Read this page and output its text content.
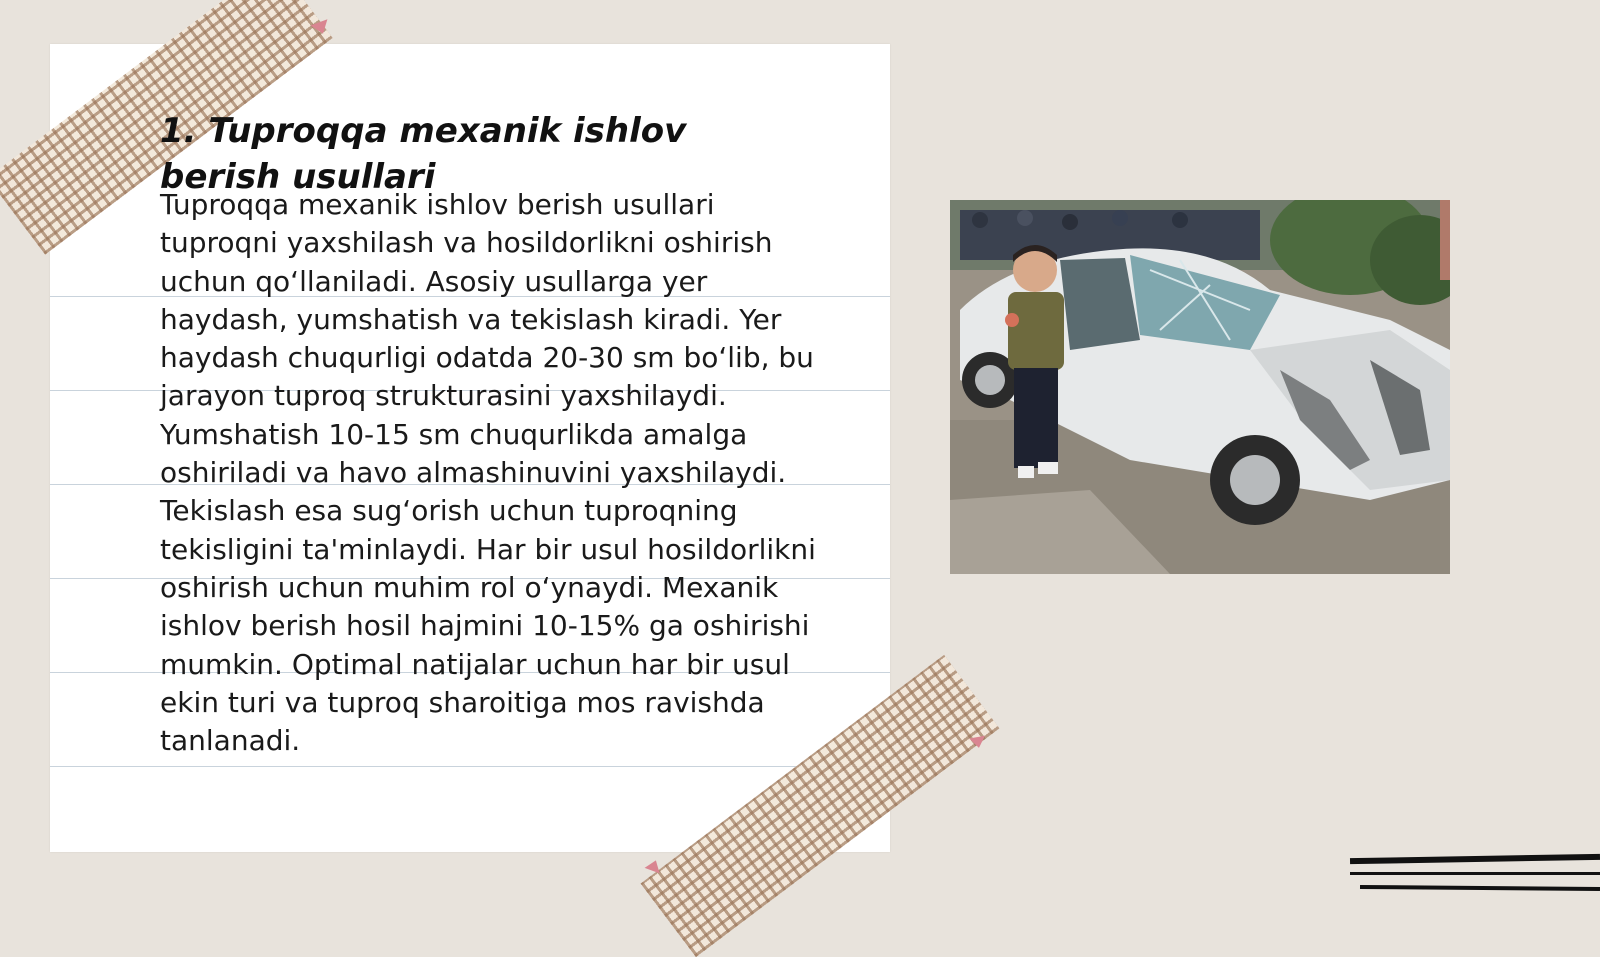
1. Tuproqqa mexanik ishlov berish usullari

Tuproqqa mexanik ishlov berish usullari tuproqni yaxshilash va hosildorlikni oshirish uchun qo‘llaniladi. Asosiy usullarga yer haydash, yumshatish va tekislash kiradi. Yer haydash chuqurligi odatda 20-30 sm bo‘lib, bu jarayon tuproq strukturasini yaxshilaydi. Yumshatish 10-15 sm chuqurlikda amalga oshiriladi va havo almashinuvini yaxshilaydi. Tekislash esa sug‘orish uchun tuproqning tekisligini ta'minlaydi. Har bir usul hosildorlikni oshirish uchun muhim rol o‘ynaydi. Mexanik ishlov berish hosil hajmini 10-15% ga oshirishi mumkin. Optimal natijalar uchun har bir usul ekin turi va tuproq sharoitiga mos ravishda tanlanadi.
